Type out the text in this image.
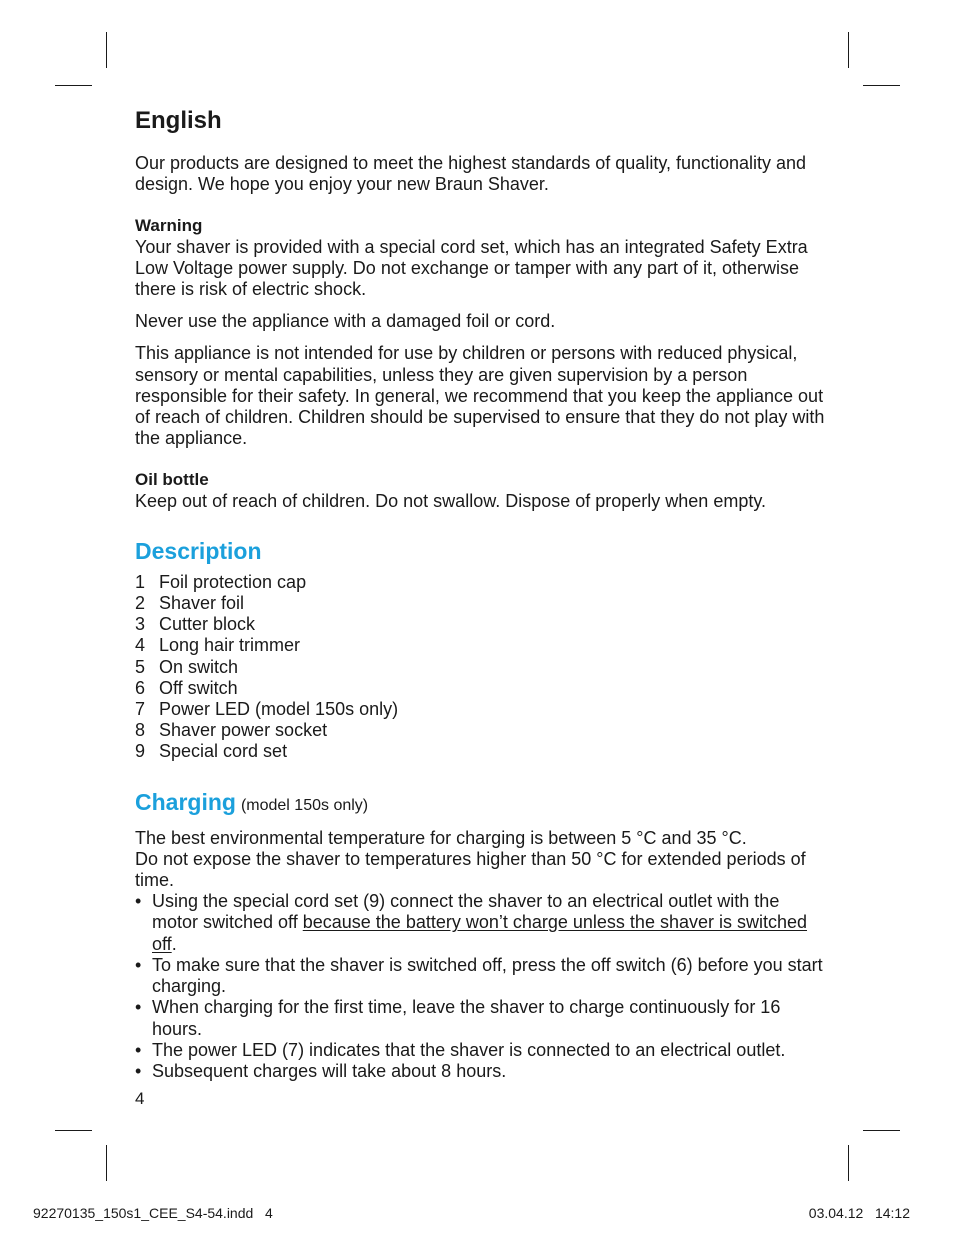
English

Our products are designed to meet the highest standards of quality, functionality and design. We hope you enjoy your new Braun Shaver.

Warning

Your shaver is provided with a special cord set, which has an integrated Safety Extra Low Voltage power supply. Do not exchange or tamper with any part of it, otherwise there is risk of electric shock.

Never use the appliance with a damaged foil or cord.

This appliance is not intended for use by children or persons with reduced physical, sensory or mental capabilities, unless they are given supervision by a person responsible for their safety. In general, we recommend that you keep the appliance out of reach of children. Children should be supervised to ensure that they do not play with the appliance.

Oil bottle

Keep out of reach of children. Do not swallow. Dispose of properly when empty.

Description
1 Foil protection cap
2 Shaver foil
3 Cutter block
4 Long hair trimmer
5 On switch
6 Off switch
7 Power LED (model 150s only)
8 Shaver power socket
9 Special cord set
Charging (model 150s only)

The best environmental temperature for charging is between 5 °C and 35 °C.

Do not expose the shaver to temperatures higher than 50 °C for extended periods of time.

• Using the special cord set (9) connect the shaver to an electrical outlet with the motor switched off because the battery won’t charge unless the shaver is switched off.
• To make sure that the shaver is switched off, press the off switch (6) before you start charging.
• When charging for the first time, leave the shaver to charge continuously for 16 hours.
• The power LED (7) indicates that the shaver is connected to an electrical outlet.
• Subsequent charges will take about 8 hours.
4
92270135_150s1_CEE_S4-54.indd   4	03.04.12   14:12
